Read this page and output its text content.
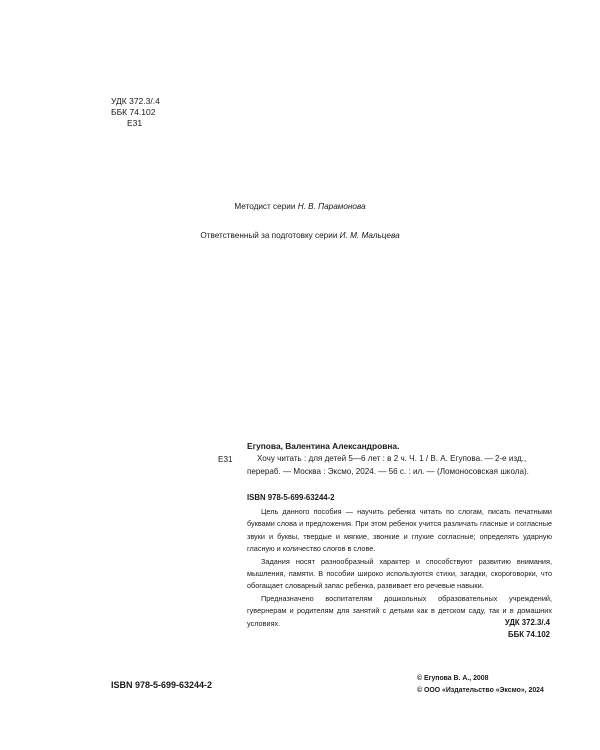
УДК 372.3/.4
ББК 74.102
Е31
Методист серии Н. В. Парамонова
Ответственный за подготовку серии И. М. Мальцева
Е31
Егупова, Валентина Александровна.
Хочу читать : для детей 5—6 лет : в 2 ч. Ч. 1 / В. А. Егупова. — 2-е изд., перераб. — Москва : Эксмо, 2024. — 56 с. : ил. — (Ломоносовская школа).
ISBN 978-5-699-63244-2

Цель данного пособия — научить ребенка читать по слогам, писать печатными буквами слова и предложения. При этом ребенок учится различать гласные и согласные звуки и буквы, твердые и мягкие, звонкие и глухие согласные; определять ударную гласную и количество слогов в слове.

Задания носят разнообразный характер и способствуют развитию внимания, мышления, памяти. В пособии широко используются стихи, загадки, скороговорки, что обогащает словарный запас ребенка, развивает его речевые навыки.

Предназначено воспитателям дошкольных образовательных учреждений, гувернерам и родителям для занятий с детьми как в детском саду, так и в домашних условиях.	УДК 372.3/.4
ББК 74.102
ISBN 978-5-699-63244-2
© Егупова В. А., 2008
© ООО «Издательство «Эксмо», 2024
